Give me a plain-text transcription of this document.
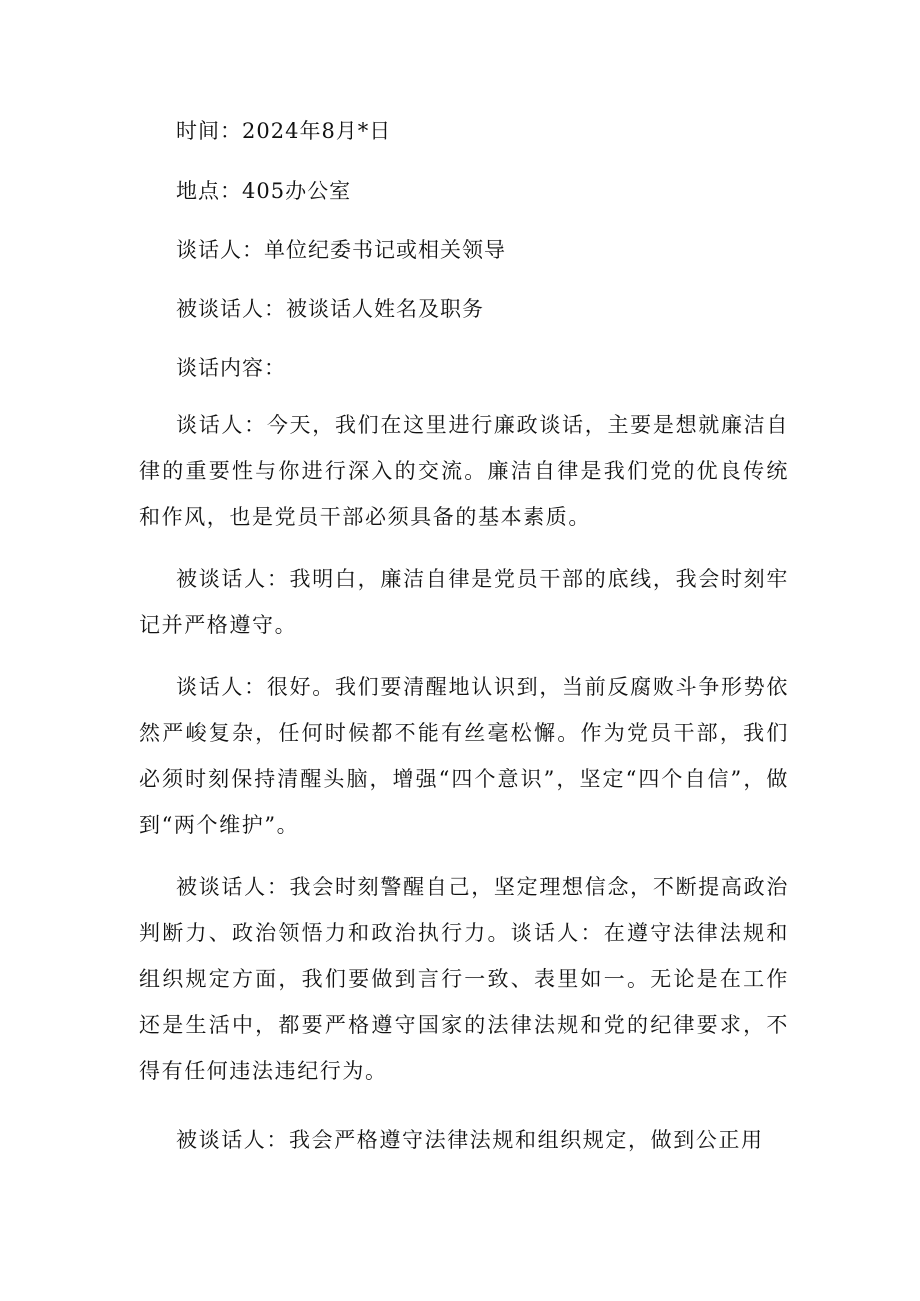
时间：2024年8月*日
地点：405办公室
谈话人：单位纪委书记或相关领导
被谈话人：被谈话人姓名及职务
谈话内容：

谈话人：今天，我们在这里进行廉政谈话，主要是想就廉洁自律的重要性与你进行深入的交流。廉洁自律是我们党的优良传统和作风，也是党员干部必须具备的基本素质。

被谈话人：我明白，廉洁自律是党员干部的底线，我会时刻牢记并严格遵守。

谈话人：很好。我们要清醒地认识到，当前反腐败斗争形势依然严峻复杂，任何时候都不能有丝毫松懈。作为党员干部，我们必须时刻保持清醒头脑，增强“四个意识”，坚定“四个自信”，做到“两个维护”。

被谈话人：我会时刻警醒自己，坚定理想信念，不断提高政治判断力、政治领悟力和政治执行力。谈话人：在遵守法律法规和组织规定方面，我们要做到言行一致、表里如一。无论是在工作还是生活中，都要严格遵守国家的法律法规和党的纪律要求，不得有任何违法违纪行为。

被谈话人：我会严格遵守法律法规和组织规定，做到公正用
